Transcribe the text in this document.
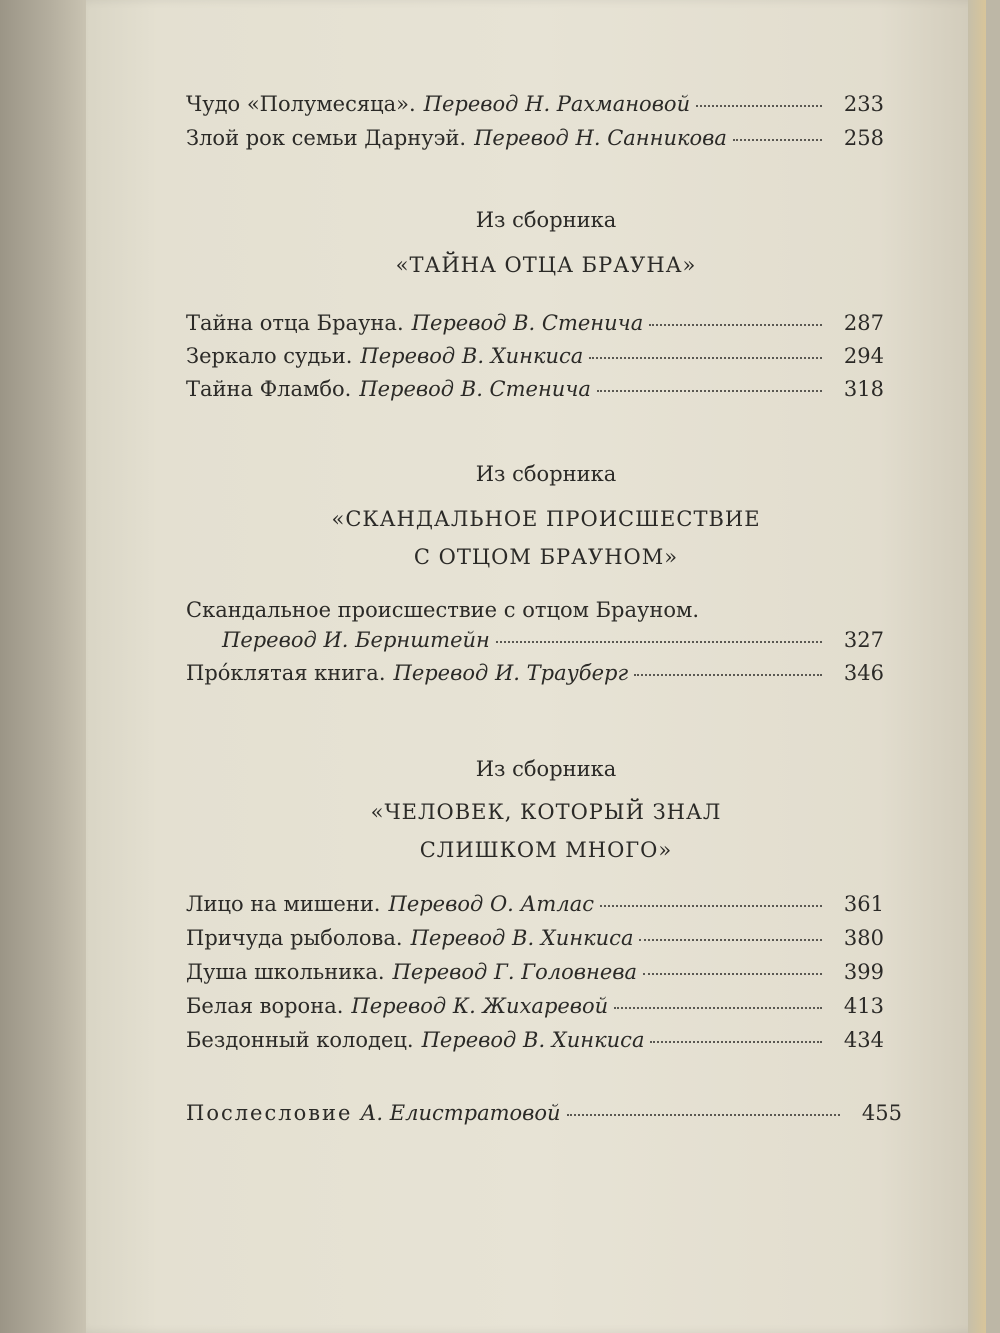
Чудо «Полумесяца». Перевод Н. Рахмановой	233
Злой рок семьи Дарнуэй. Перевод Н. Санникова	258
Из сборника
«ТАЙНА ОТЦА БРАУНА»
Тайна отца Брауна. Перевод В. Стенича	287
Зеркало судьи. Перевод В. Хинкиса	294
Тайна Фламбо. Перевод В. Стенича	318
Из сборника
«СКАНДАЛЬНОЕ ПРОИСШЕСТВИЕ
С ОТЦОМ БРАУНОМ»
Скандальное происшествие с отцом Брауном.
Перевод И. Бернштейн	327
Прóклятая книга. Перевод И. Трауберг	346
Из сборника
«ЧЕЛОВЕК, КОТОРЫЙ ЗНАЛ
СЛИШКОМ МНОГО»
Лицо на мишени. Перевод О. Атлас	361
Причуда рыболова. Перевод В. Хинкиса	380
Душа школьника. Перевод Г. Головнева	399
Белая ворона. Перевод К. Жихаревой	413
Бездонный колодец. Перевод В. Хинкиса	434
Послесловие А. Елистратовой	455
